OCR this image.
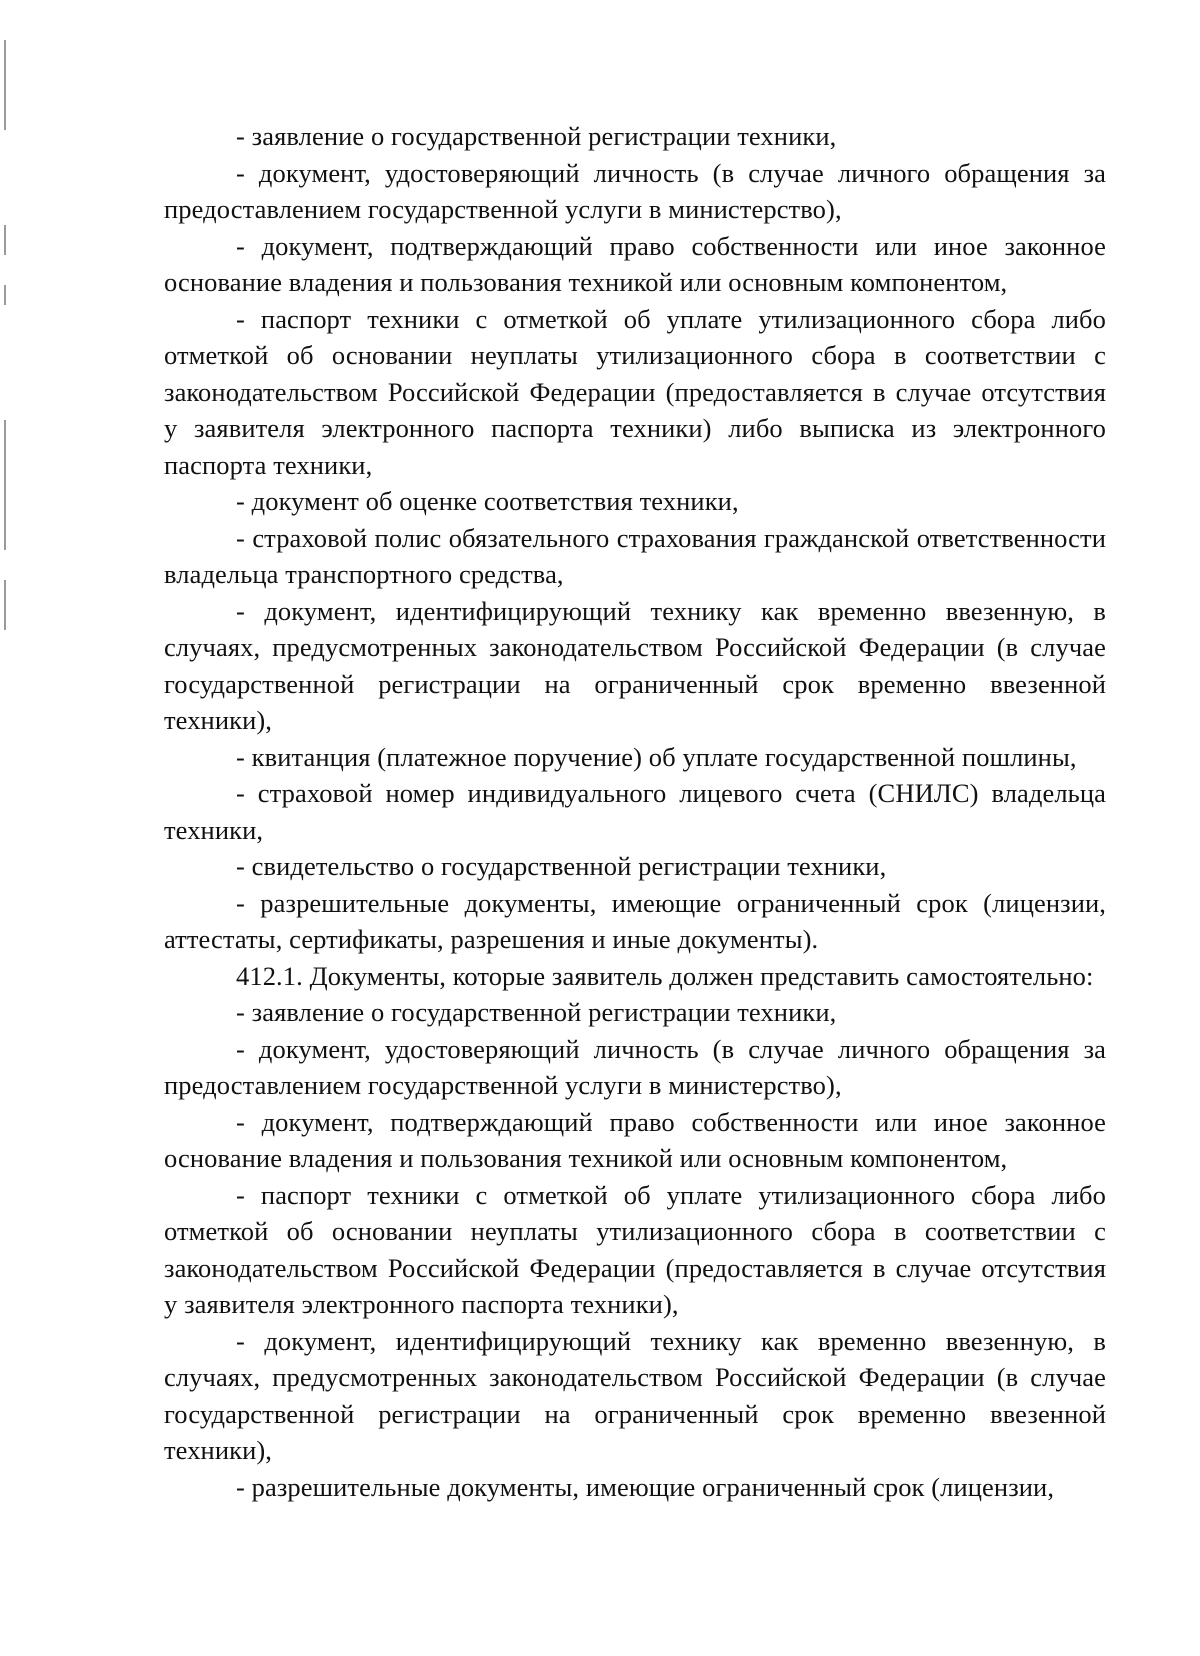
- заявление о государственной регистрации техники,

- документ, удостоверяющий личность (в случае личного обращения за предоставлением государственной услуги в министерство),

- документ, подтверждающий право собственности или иное законное основание владения и пользования техникой или основным компонентом,

- паспорт техники с отметкой об уплате утилизационного сбора либо отметкой об основании неуплаты утилизационного сбора в соответствии с законодательством Российской Федерации (предоставляется в случае отсутствия у заявителя электронного паспорта техники) либо выписка из электронного паспорта техники,

- документ об оценке соответствия техники,

- страховой полис обязательного страхования гражданской ответственности владельца транспортного средства,

- документ, идентифицирующий технику как временно ввезенную, в случаях, предусмотренных законодательством Российской Федерации (в случае государственной регистрации на ограниченный срок временно ввезенной техники),

- квитанция (платежное поручение) об уплате государственной пошлины,

- страховой номер индивидуального лицевого счета (СНИЛС) владельца техники,

- свидетельство о государственной регистрации техники,

- разрешительные документы, имеющие ограниченный срок (лицензии, аттестаты, сертификаты, разрешения и иные документы).

412.1. Документы, которые заявитель должен представить самостоятельно:

- заявление о государственной регистрации техники,

- документ, удостоверяющий личность (в случае личного обращения за предоставлением государственной услуги в министерство),

- документ, подтверждающий право собственности или иное законное основание владения и пользования техникой или основным компонентом,

- паспорт техники с отметкой об уплате утилизационного сбора либо отметкой об основании неуплаты утилизационного сбора в соответствии с законодательством Российской Федерации (предоставляется в случае отсутствия у заявителя электронного паспорта техники),

- документ, идентифицирующий технику как временно ввезенную, в случаях, предусмотренных законодательством Российской Федерации (в случае государственной регистрации на ограниченный срок временно ввезенной техники),

- разрешительные документы, имеющие ограниченный срок (лицензии,
